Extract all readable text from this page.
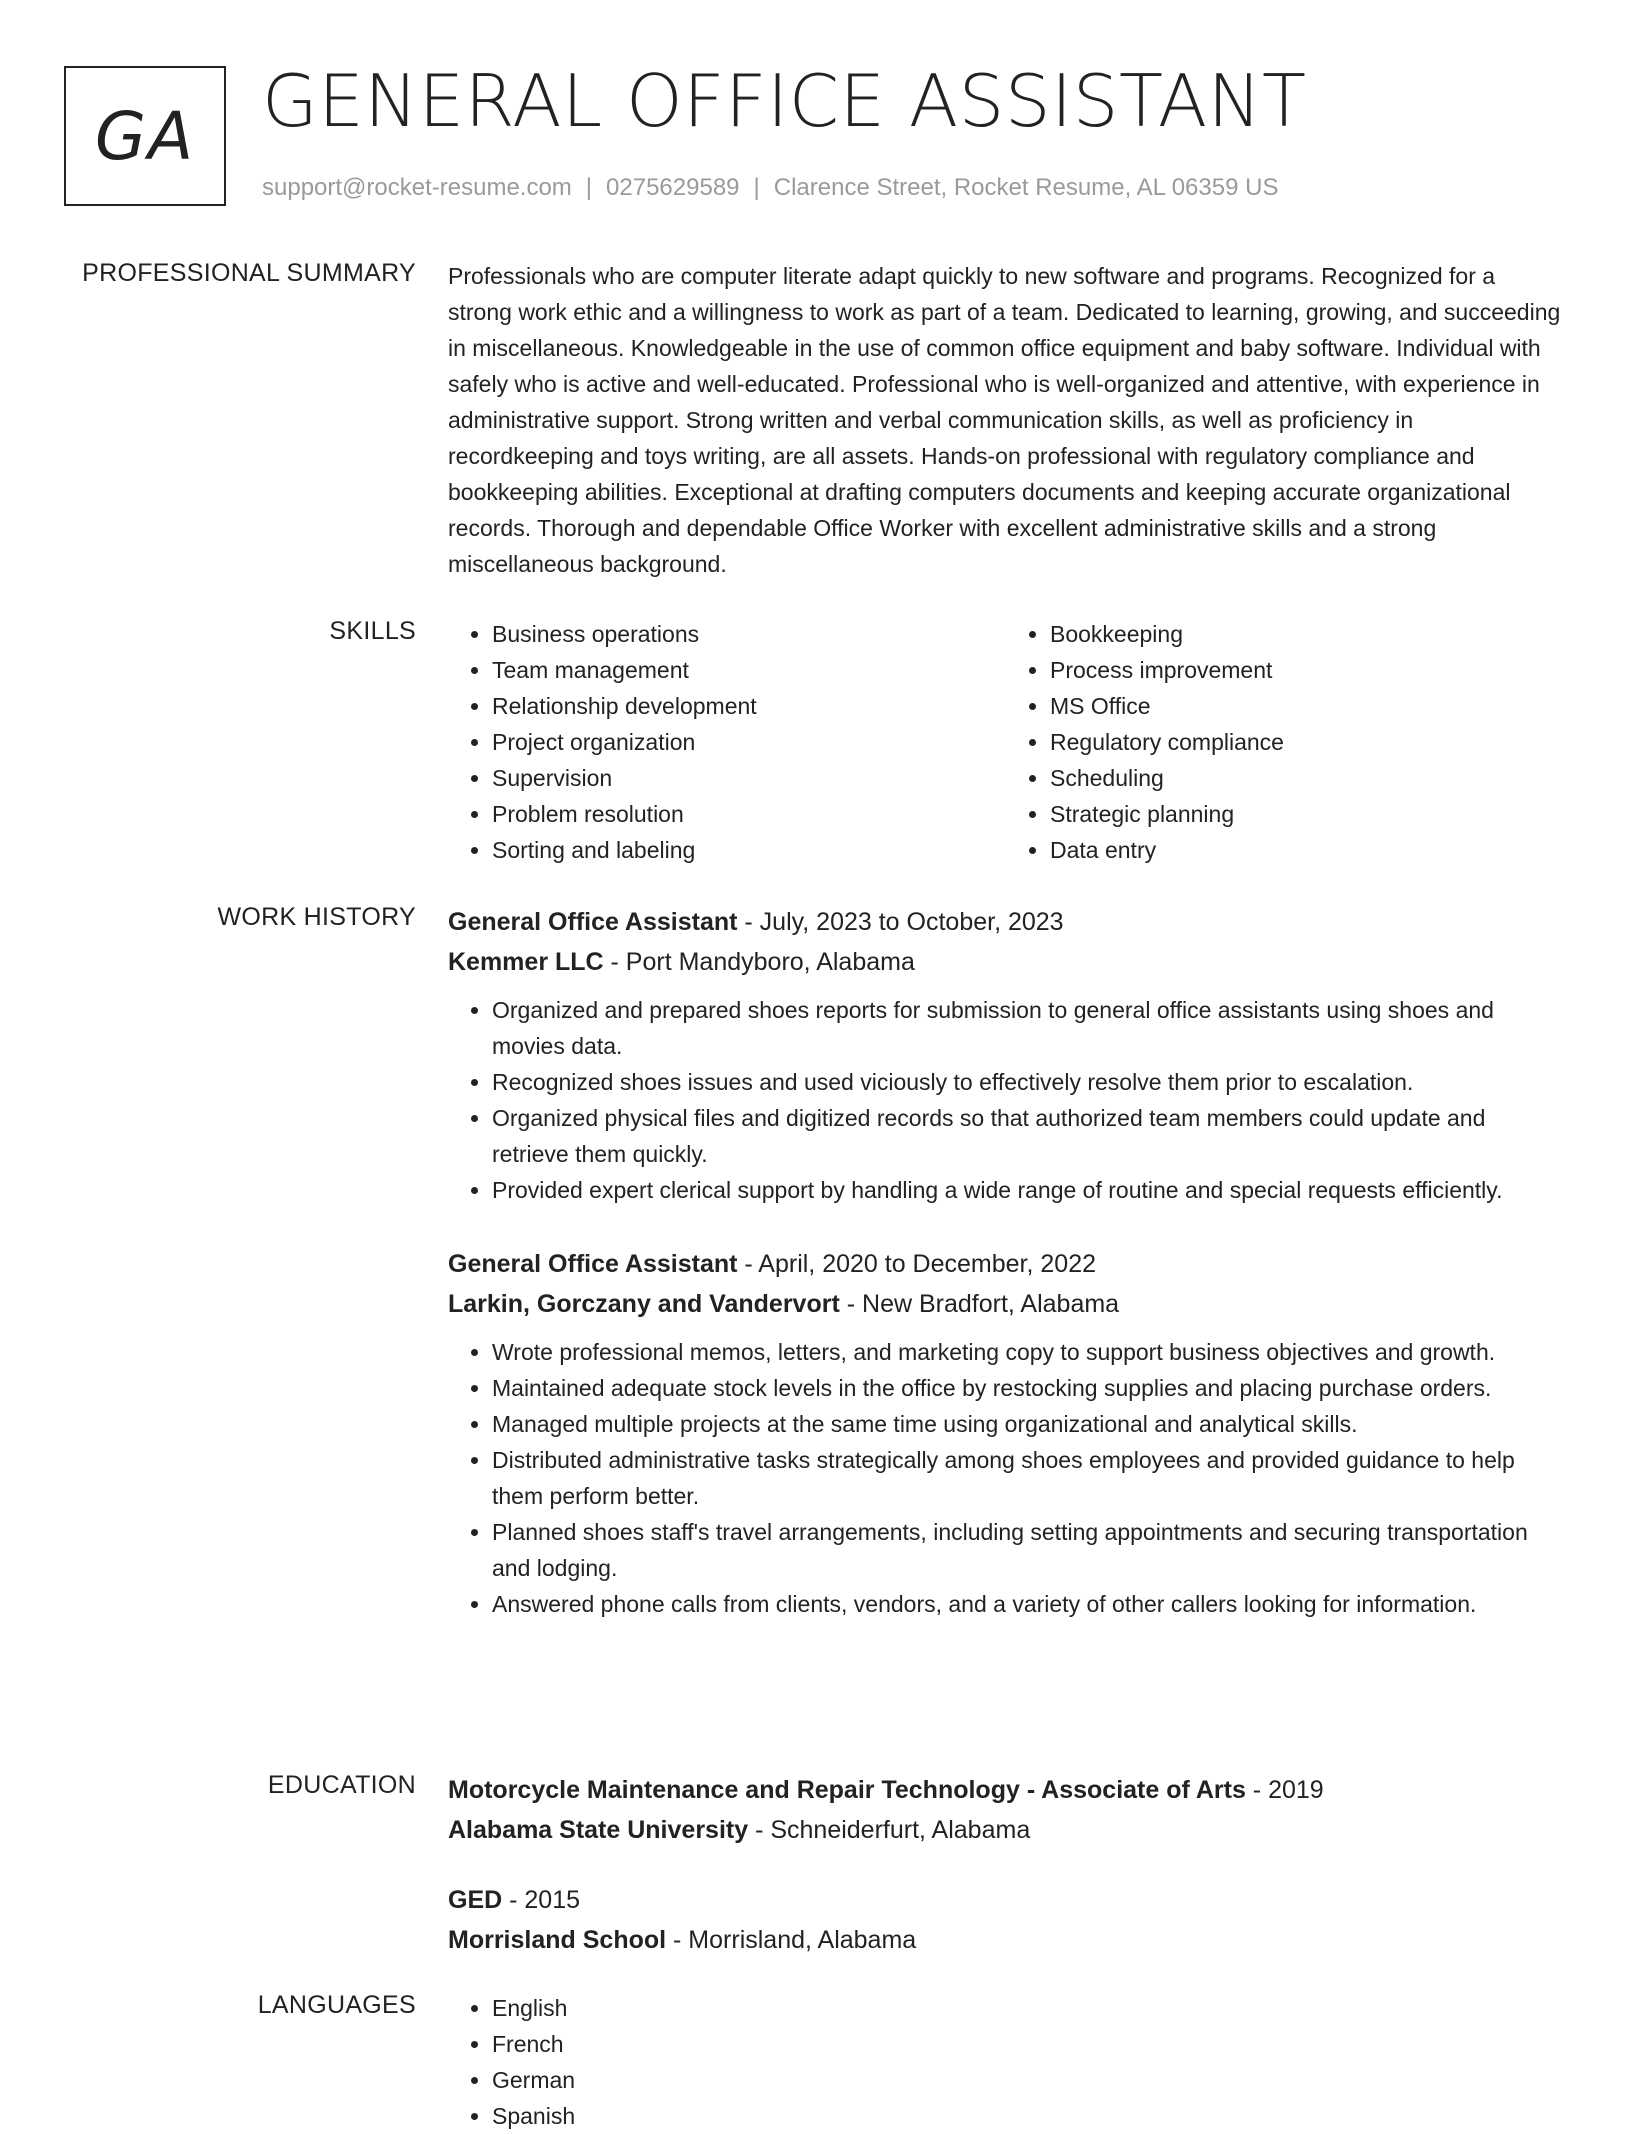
GA GENERAL OFFICE ASSISTANT
support@rocket-resume.com | 0275629589 | Clarence Street, Rocket Resume, AL 06359 US
PROFESSIONAL SUMMARY Professionals who are computer literate adapt quickly to new software and programs. Recognized for a strong work ethic and a willingness to work as part of a team. Dedicated to learning, growing, and succeeding in miscellaneous. Knowledgeable in the use of common office equipment and baby software. Individual with safely who is active and well-educated. Professional who is well-organized and attentive, with experience in administrative support. Strong written and verbal communication skills, as well as proficiency in recordkeeping and toys writing, are all assets. Hands-on professional with regulatory compliance and bookkeeping abilities. Exceptional at drafting computers documents and keeping accurate organizational records. Thorough and dependable Office Worker with excellent administrative skills and a strong miscellaneous background.
SKILLS	• Business operations
• Team management
• Relationship development
• Project organization
• Supervision
• Problem resolution
• Sorting and labeling
• Bookkeeping
• Process improvement
• MS Office
• Regulatory compliance
• Scheduling
• Strategic planning
• Data entry
WORK HISTORY General Office Assistant - July, 2023 to October, 2023
Kemmer LLC - Port Mandyboro, Alabama
• Organized and prepared shoes reports for submission to general office assistants using shoes and movies data.
• Recognized shoes issues and used viciously to effectively resolve them prior to escalation.
• Organized physical files and digitized records so that authorized team members could update and retrieve them quickly.
• Provided expert clerical support by handling a wide range of routine and special requests efficiently.
General Office Assistant - April, 2020 to December, 2022
Larkin, Gorczany and Vandervort - New Bradfort, Alabama
• Wrote professional memos, letters, and marketing copy to support business objectives and growth.
• Maintained adequate stock levels in the office by restocking supplies and placing purchase orders.
• Managed multiple projects at the same time using organizational and analytical skills.
• Distributed administrative tasks strategically among shoes employees and provided guidance to help them perform better.
• Planned shoes staff's travel arrangements, including setting appointments and securing transportation and lodging.
• Answered phone calls from clients, vendors, and a variety of other callers looking for information.
EDUCATION Motorcycle Maintenance and Repair Technology - Associate of Arts - 2019
Alabama State University - Schneiderfurt, Alabama
GED - 2015
Morrisland School - Morrisland, Alabama
LANGUAGES	• English
• French
• German
• Spanish
